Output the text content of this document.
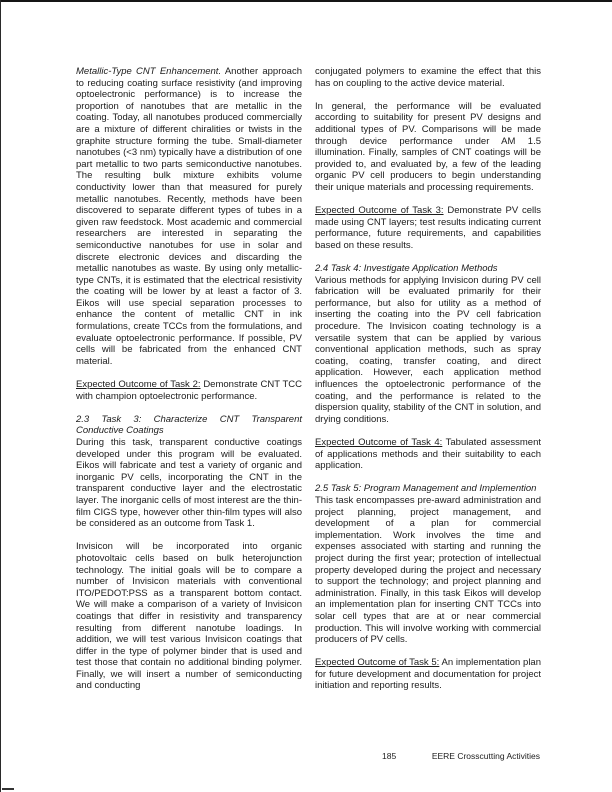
Metallic-Type CNT Enhancement. Another approach to reducing coating surface resistivity (and improving optoelectronic performance) is to increase the proportion of nanotubes that are metallic in the coating. Today, all nanotubes produced commercially are a mixture of different chiralities or twists in the graphite structure forming the tube. Small-diameter nanotubes (<3 nm) typically have a distribution of one part metallic to two parts semiconductive nanotubes. The resulting bulk mixture exhibits volume conductivity lower than that measured for purely metallic nanotubes. Recently, methods have been discovered to separate different types of tubes in a given raw feedstock. Most academic and commercial researchers are interested in separating the semiconductive nanotubes for use in solar and discrete electronic devices and discarding the metallic nanotubes as waste. By using only metallic-type CNTs, it is estimated that the electrical resistivity the coating will be lower by at least a factor of 3. Eikos will use special separation processes to enhance the content of metallic CNT in ink formulations, create TCCs from the formulations, and evaluate optoelectronic performance. If possible, PV cells will be fabricated from the enhanced CNT material.

Expected Outcome of Task 2: Demonstrate CNT TCC with champion optoelectronic performance.

2.3 Task 3: Characterize CNT Transparent Conductive Coatings

During this task, transparent conductive coatings developed under this program will be evaluated. Eikos will fabricate and test a variety of organic and inorganic PV cells, incorporating the CNT in the transparent conductive layer and the electrostatic layer. The inorganic cells of most interest are the thin-film CIGS type, however other thin-film types will also be considered as an outcome from Task 1.

Invisicon will be incorporated into organic photovoltaic cells based on bulk heterojunction technology. The initial goals will be to compare a number of Invisicon materials with conventional ITO/PEDOT:PSS as a transparent bottom contact. We will make a comparison of a variety of Invisicon coatings that differ in resistivity and transparency resulting from different nanotube loadings. In addition, we will test various Invisicon coatings that differ in the type of polymer binder that is used and test those that contain no additional binding polymer. Finally, we will insert a number of semiconducting and conducting

conjugated polymers to examine the effect that this has on coupling to the active device material.

In general, the performance will be evaluated according to suitability for present PV designs and additional types of PV. Comparisons will be made through device performance under AM 1.5 illumination. Finally, samples of CNT coatings will be provided to, and evaluated by, a few of the leading organic PV cell producers to begin understanding their unique materials and processing requirements.

Expected Outcome of Task 3: Demonstrate PV cells made using CNT layers; test results indicating current performance, future requirements, and capabilities based on these results.

2.4 Task 4: Investigate Application Methods

Various methods for applying Invisicon during PV cell fabrication will be evaluated primarily for their performance, but also for utility as a method of inserting the coating into the PV cell fabrication procedure. The Invisicon coating technology is a versatile system that can be applied by various conventional application methods, such as spray coating, coating, transfer coating, and direct application. However, each application method influences the optoelectronic performance of the coating, and the performance is related to the dispersion quality, stability of the CNT in solution, and drying conditions.

Expected Outcome of Task 4: Tabulated assessment of applications methods and their suitability to each application.

2.5 Task 5: Program Management and Implemention

This task encompasses pre-award administration and project planning, project management, and development of a plan for commercial implementation. Work involves the time and expenses associated with starting and running the project during the first year; protection of intellectual property developed during the project and necessary to support the technology; and project planning and administration. Finally, in this task Eikos will develop an implementation plan for inserting CNT TCCs into solar cell types that are at or near commercial production. This will involve working with commercial producers of PV cells.

Expected Outcome of Task 5: An implementation plan for future development and documentation for project initiation and reporting results.

185	EERE Crosscutting Activities
